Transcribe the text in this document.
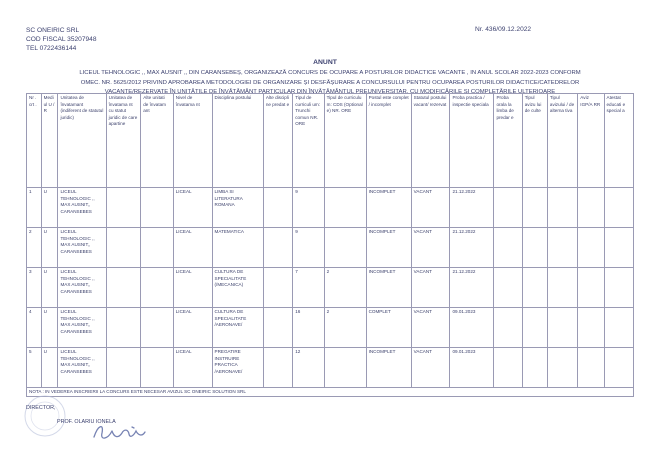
SC ONEIRIC SRL
COD FISCAL 35207948
TEL 0722436144
Nr. 436/09.12.2022
ANUNT
LICEUL TEHNOLOGIC ,, MAX AUSNIT ,, DIN CARANSEBEȘ, ORGANIZEAZĂ CONCURS DE OCUPARE A POSTURILOR DIDACTICE VACANTE , IN ANUL SCOLAR 2022-2023 CONFORM
OMEC. NR. 5625/2012 PRIVIND APROBAREA METODOLOGIEI DE ORGANIZARE ȘI DESFĂȘURARE A CONCURSULUI PENTRU OCUPAREA POSTURILOR DIDACTICE/CATEDRELOR
VACANTE/REZERVATE ÎN UNITĂȚILE DE ÎNVĂȚĂMÂNT PARTICULAR DIN ÎNVĂȚĂMÂNTUL PREUNIVERSITAR, CU MODIFICĂRILE ȘI COMPLETĂRILE ULTERIOARE
Nr . crt .	Medi ul U / R	Unitatea de învatamant (indiferent de statutul juridic)	Unitatea de învatama nt cu statut juridic de care apartine	Alte unitati de învatam ant	Nivel de învatama nt	Disciplina postului	Alte discipli ne predat e	Tipul de curriculi um: Trunchi comun NR. ORE	Tipul de curriculu m: CDS (Optional e) NR. ORE	Postul este complet / incomplet	Statutul postului vacant/ rezervat	Proba practica / inspectie speciala	Proba orala la limba de predar e	Tipul avizu lui de culte	Tipul avizului / de alterna tiva	Aviz IGP/A RR	Atestat educati e special a
1	U	LICEUL TEHNOLOGIC ,, MAX AUSNIT,, CARANSEBES			LICEAL	LIMBA SI LITERATURA ROMANA		9		INCOMPLET	VACANT	21.12.2022					
2	U	LICEUL TEHNOLOGIC ,, MAX AUSNIT,, CARANSEBES			LICEAL	MATEMATICA		9		INCOMPLET	VACANT	21.12.2022					
3	U	LICEUL TEHNOLOGIC ,, MAX AUSNIT,, CARANSEBES			LICEAL	CULTURA DE SPECIALITATE (/MECANICA)		7	2	INCOMPLET	VACANT	21.12.2022					
4	U	LICEUL TEHNOLOGIC ,, MAX AUSNIT,, CARANSEBES			LICEAL	CULTURA DE SPECIALITATE /AERONAVE/		16	2	COMPLET	VACANT	09.01.2023					
5	U	LICEUL TEHNOLOGIC ,, MAX AUSNIT,, CARANSEBES			LICEAL	PREGATIRE INSTRUIRE PRACTICA /AERONAVE/		12		INCOMPLET	VACANT	09.01.2023					
NOTA : IN VEDEREA INSCRIERII LA CONCURS ESTE NECESAR AVIZUL SC ONEIRIC SOLUTION SRL																	
DIRECTOR,
PROF. OLARIU IONELA
